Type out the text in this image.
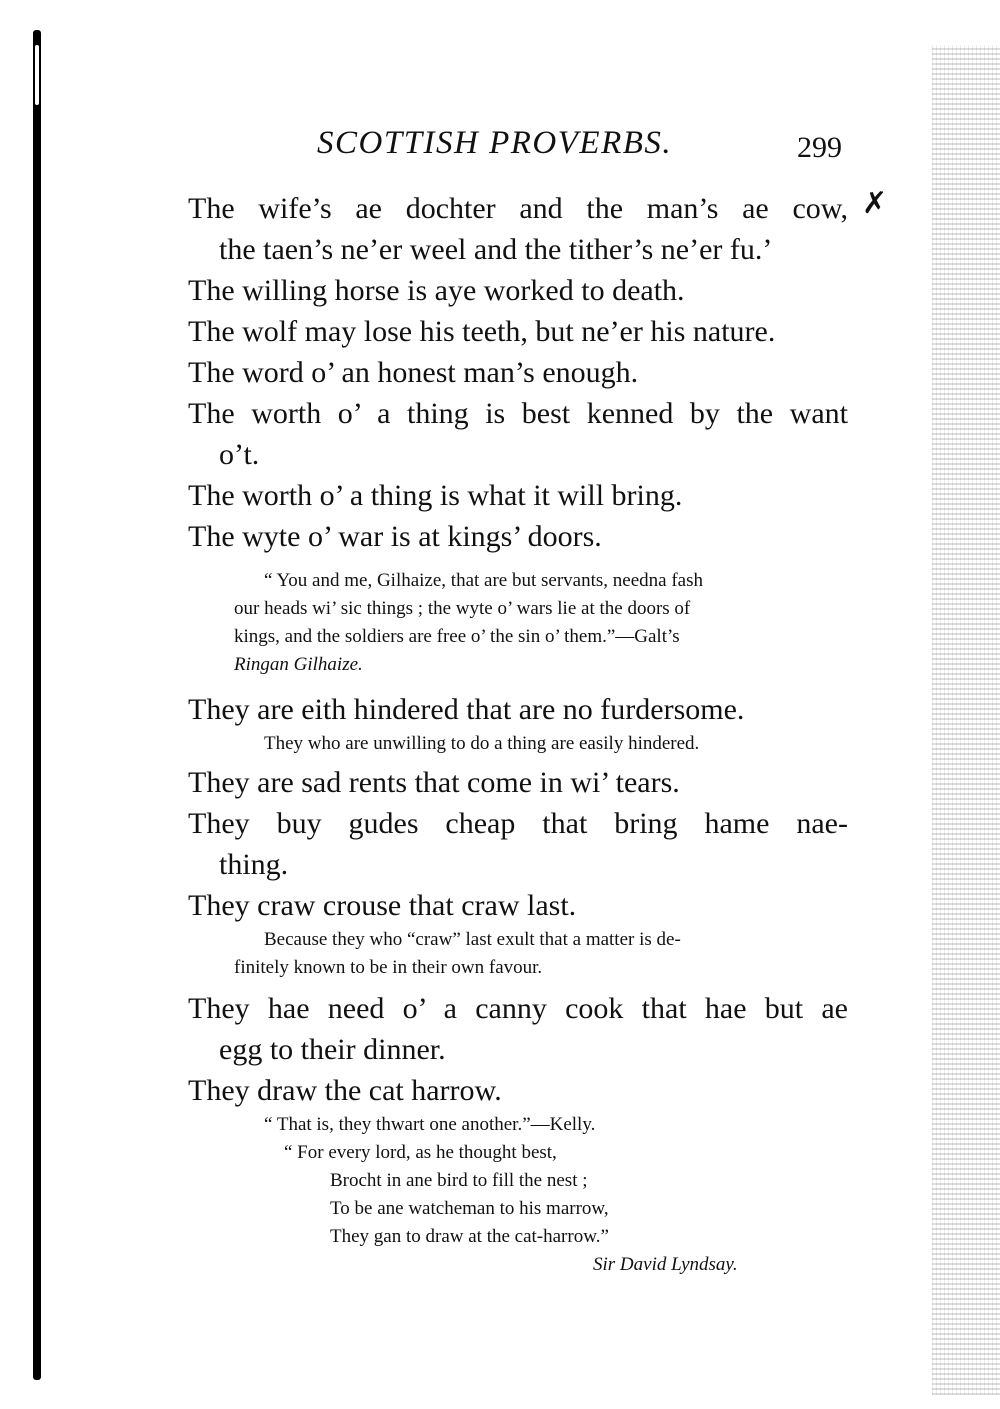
SCOTTISH PROVERBS.	299
✗

The wife’s ae dochter and the man’s ae cow,

the taen’s ne’er weel and the tither’s ne’er fu.’

The willing horse is aye worked to death.

The wolf may lose his teeth, but ne’er his nature.

The word o’ an honest man’s enough.

The worth o’ a thing is best kenned by the want

o’t.

The worth o’ a thing is what it will bring.

The wyte o’ war is at kings’ doors.

“ You and me, Gilhaize, that are but servants, needna fash

our heads wi’ sic things ; the wyte o’ wars lie at the doors of

kings, and the soldiers are free o’ the sin o’ them.”—Galt’s

Ringan Gilhaize.

They are eith hindered that are no furdersome.

They who are unwilling to do a thing are easily hindered.

They are sad rents that come in wi’ tears.

They buy gudes cheap that bring hame nae-

thing.

They craw crouse that craw last.

Because they who “craw” last exult that a matter is de-

finitely known to be in their own favour.

They hae need o’ a canny cook that hae but ae

egg to their dinner.

They draw the cat harrow.

“ That is, they thwart one another.”—Kelly.

“ For every lord, as he thought best,

Brocht in ane bird to fill the nest ;

To be ane watcheman to his marrow,

They gan to draw at the cat-harrow.”

Sir David Lyndsay.
